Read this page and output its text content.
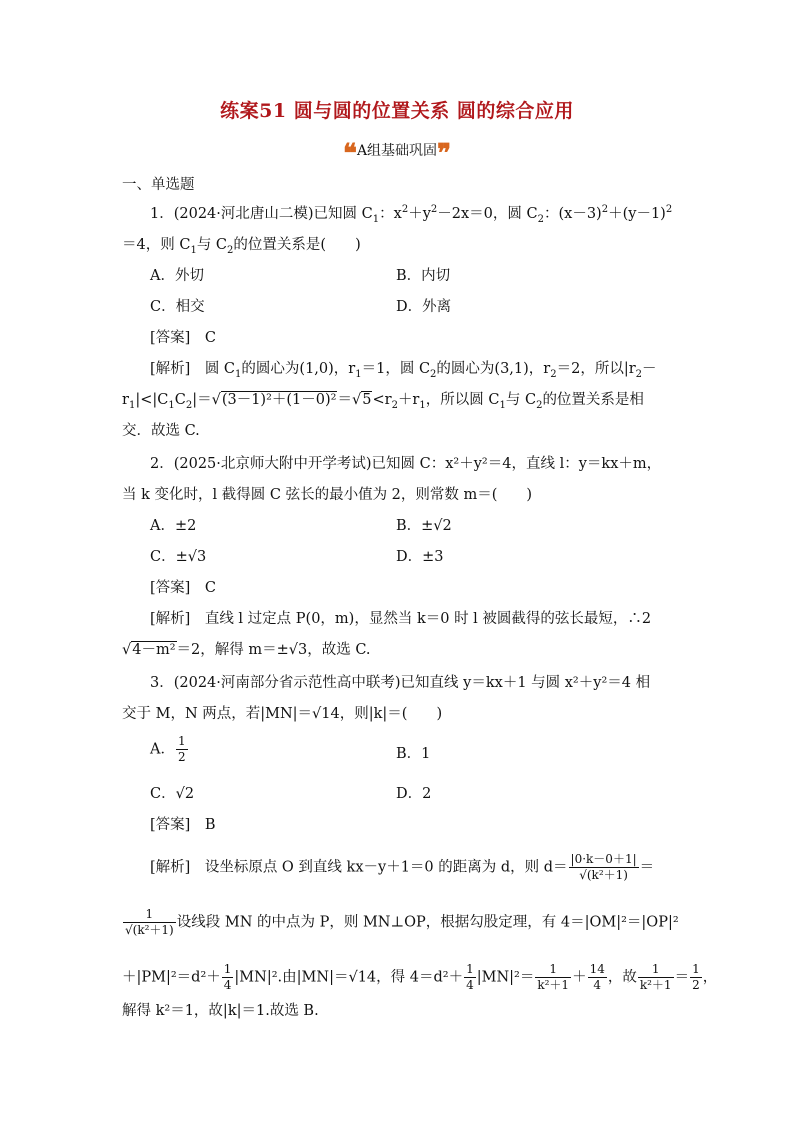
练案51 圆与圆的位置关系 圆的综合应用
❝A组基础巩固❞
一、单选题
1．(2024·河北唐山二模)已知圆 $C_1$：$x^2+y^2-2x=0$，圆 $C_2$：$(x-3)^2+(y-1)^2$
＝4，则 $C_1$与 $C_2$的位置关系是(　　)
A．外切	B．内切
C．相交	D．外离
[答案]　 C
[解析]　 圆 $C_1$的圆心为(1,0)，$r_1=1$，圆 $C_2$的圆心为(3,1)，$r_2=2$，所以$|r_2-$
$r_1|<|C_1C_2|=√(3-1)^2+(1-0)^2=√5<r_2+r_1$，所以圆 $C_1$与 $C_2$的位置关系是相
交．故选 C.
2．(2025·北京师大附中开学考试)已知圆 C：x²＋y²＝4，直线 l：y＝kx＋m，
当 k 变化时，l 截得圆 C 弦长的最小值为 2，则常数 m＝(　　)
A．±2	B．±√2
C．±√3	D．±3
[答案]　 C
[解析]　 直线 l 过定点 P(0，m)，显然当 k＝0 时 l 被圆截得的弦长最短，∴2
√4－m²＝2，解得 m＝±√3，故选 C.
3．(2024·河南部分省示范性高中联考)已知直线 y＝kx＋1 与圆 x²＋y²＝4 相
交于 M，N 两点，若|MN|＝√14，则|k|＝(　　)
A． $\frac{1}{2}$	B．1
C．√2	D．2
[答案]　 B
[解析]　 设坐标原点 O 到直线 kx－y＋1＝0 的距离为 d，则 $d= \frac{|0\cdot k-0+1|}{\text{√(k²＋1)}}$ ＝
$\frac{1}{\text{√(k²＋1)}}$ 设线段 MN 的中点为 P，则 MN⊥OP，根据勾股定理，有 4＝|OM|²＝|OP|²
$+|PM|^2=d^2+ \frac{1}{4} |MN|^2$.由|MN|＝√14，得 $4=d^2+ \frac{1}{4} |MN|^2= \frac{1}{\text{k²＋1}} + \frac{14}{4}$ ，故 $\frac{1}{\text{k²＋1}} = \frac{1}{2}$ ，
解得 k²＝1，故|k|＝1.故选 B.
